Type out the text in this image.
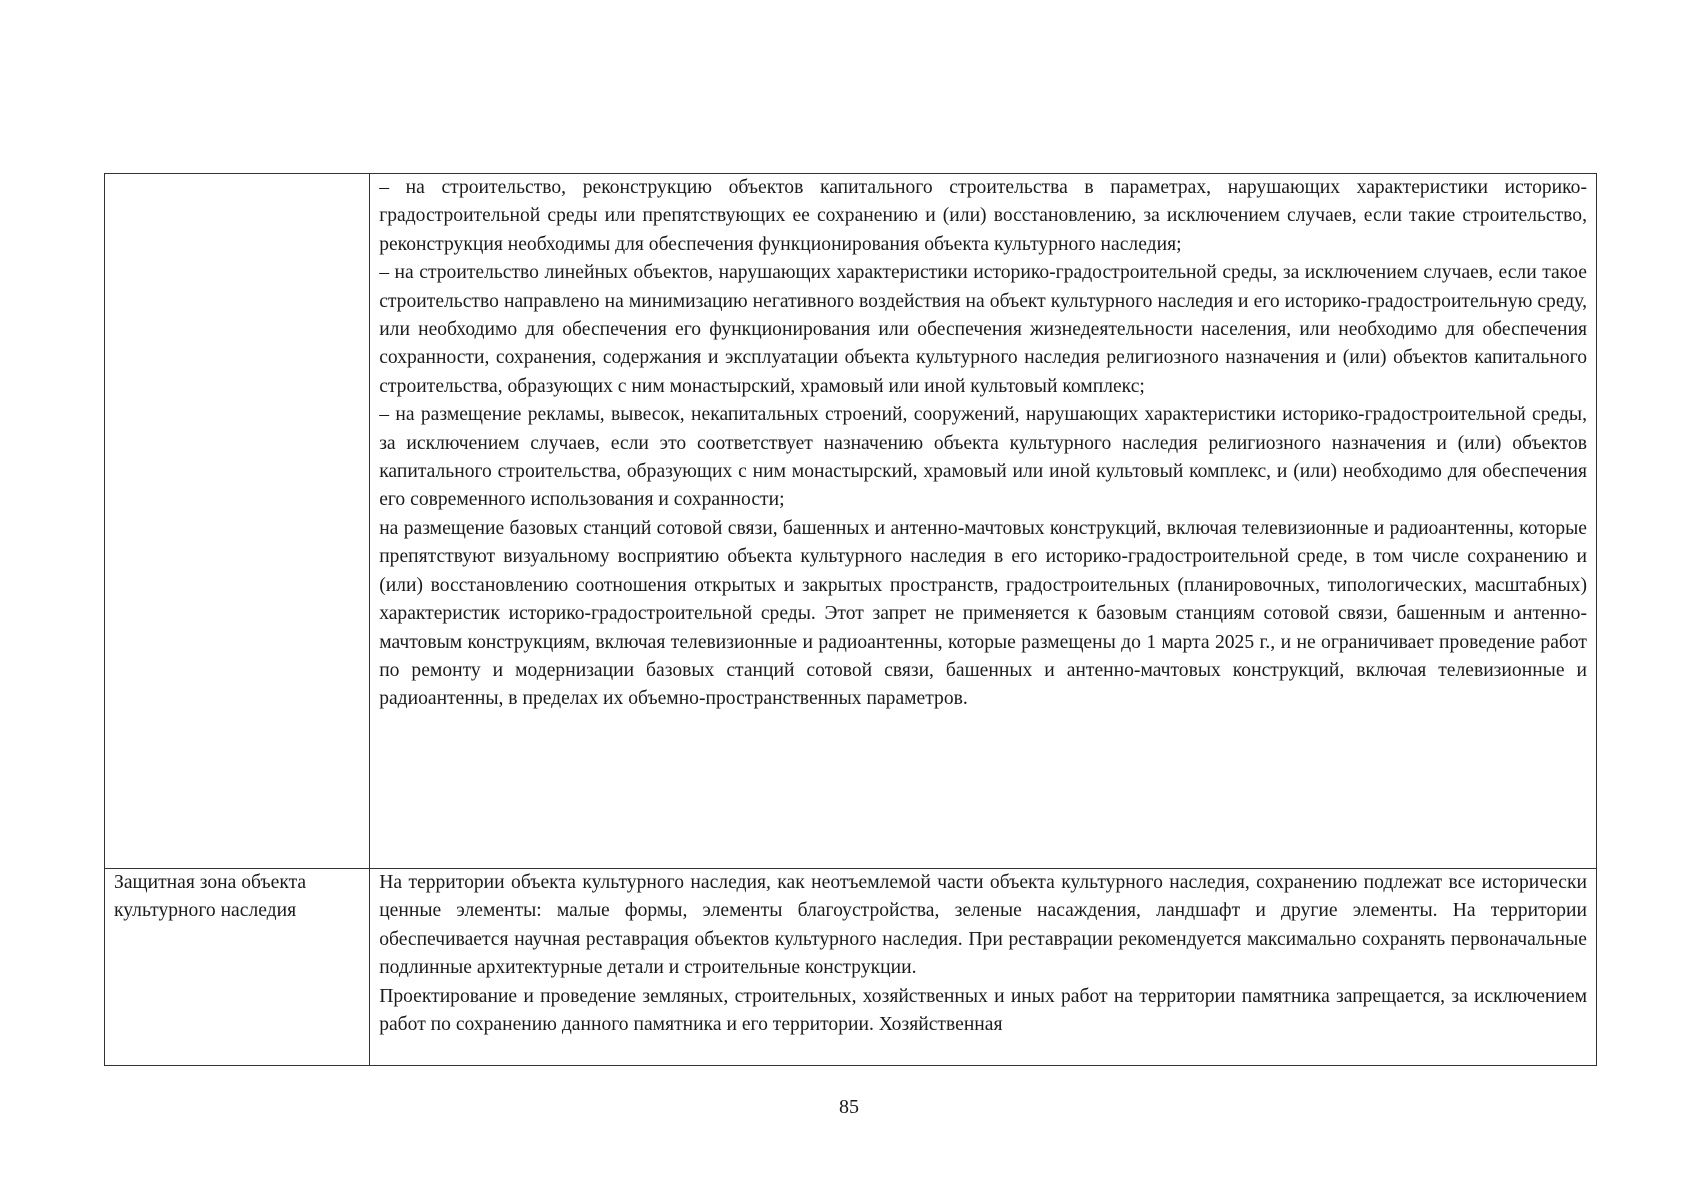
	– на строительство, реконструкцию объектов капитального строительства в параметрах, нарушающих характеристики историко-градостроительной среды или препятствующих ее сохранению и (или) восстановлению, за исключением случаев, если такие строительство, реконструкция необходимы для обеспечения функционирования объекта культурного наследия;

– на строительство линейных объектов, нарушающих характеристики историко-градостроительной среды, за исключением случаев, если такое строительство направлено на минимизацию негативного воздействия на объект культурного наследия и его историко-градостроительную среду, или необходимо для обеспечения его функционирования или обеспечения жизнедеятельности населения, или необходимо для обеспечения сохранности, сохранения, содержания и эксплуатации объекта культурного наследия религиозного назначения и (или) объектов капитального строительства, образующих с ним монастырский, храмовый или иной культовый комплекс;

– на размещение рекламы, вывесок, некапитальных строений, сооружений, нарушающих характеристики историко-градостроительной среды, за исключением случаев, если это соответствует назначению объекта культурного наследия религиозного назначения и (или) объектов капитального строительства, образующих с ним монастырский, храмовый или иной культовый комплекс, и (или) необходимо для обеспечения его современного использования и сохранности;

на размещение базовых станций сотовой связи, башенных и антенно-мачтовых конструкций, включая телевизионные и радиоантенны, которые препятствуют визуальному восприятию объекта культурного наследия в его историко-градостроительной среде, в том числе сохранению и (или) восстановлению соотношения открытых и закрытых пространств, градостроительных (планировочных, типологических, масштабных) характеристик историко-градостроительной среды. Этот запрет не применяется к базовым станциям сотовой связи, башенным и антенно-мачтовым конструкциям, включая телевизионные и радиоантенны, которые размещены до 1 марта 2025 г., и не ограничивает проведение работ по ремонту и модернизации базовых станций сотовой связи, башенных и антенно-мачтовых конструкций, включая телевизионные и радиоантенны, в пределах их объемно-пространственных параметров.

Защитная зона объекта культурного наследия	На территории объекта культурного наследия, как неотъемлемой части объекта культурного наследия, сохранению подлежат все исторически ценные элементы: малые формы, элементы благоустройства, зеленые насаждения, ландшафт и другие элементы. На территории обеспечивается научная реставрация объектов культурного наследия. При реставрации рекомендуется максимально сохранять первоначальные подлинные архитектурные детали и строительные конструкции.

Проектирование и проведение земляных, строительных, хозяйственных и иных работ на территории памятника запрещается, за исключением работ по сохранению данного памятника и его территории. Хозяйственная

85
